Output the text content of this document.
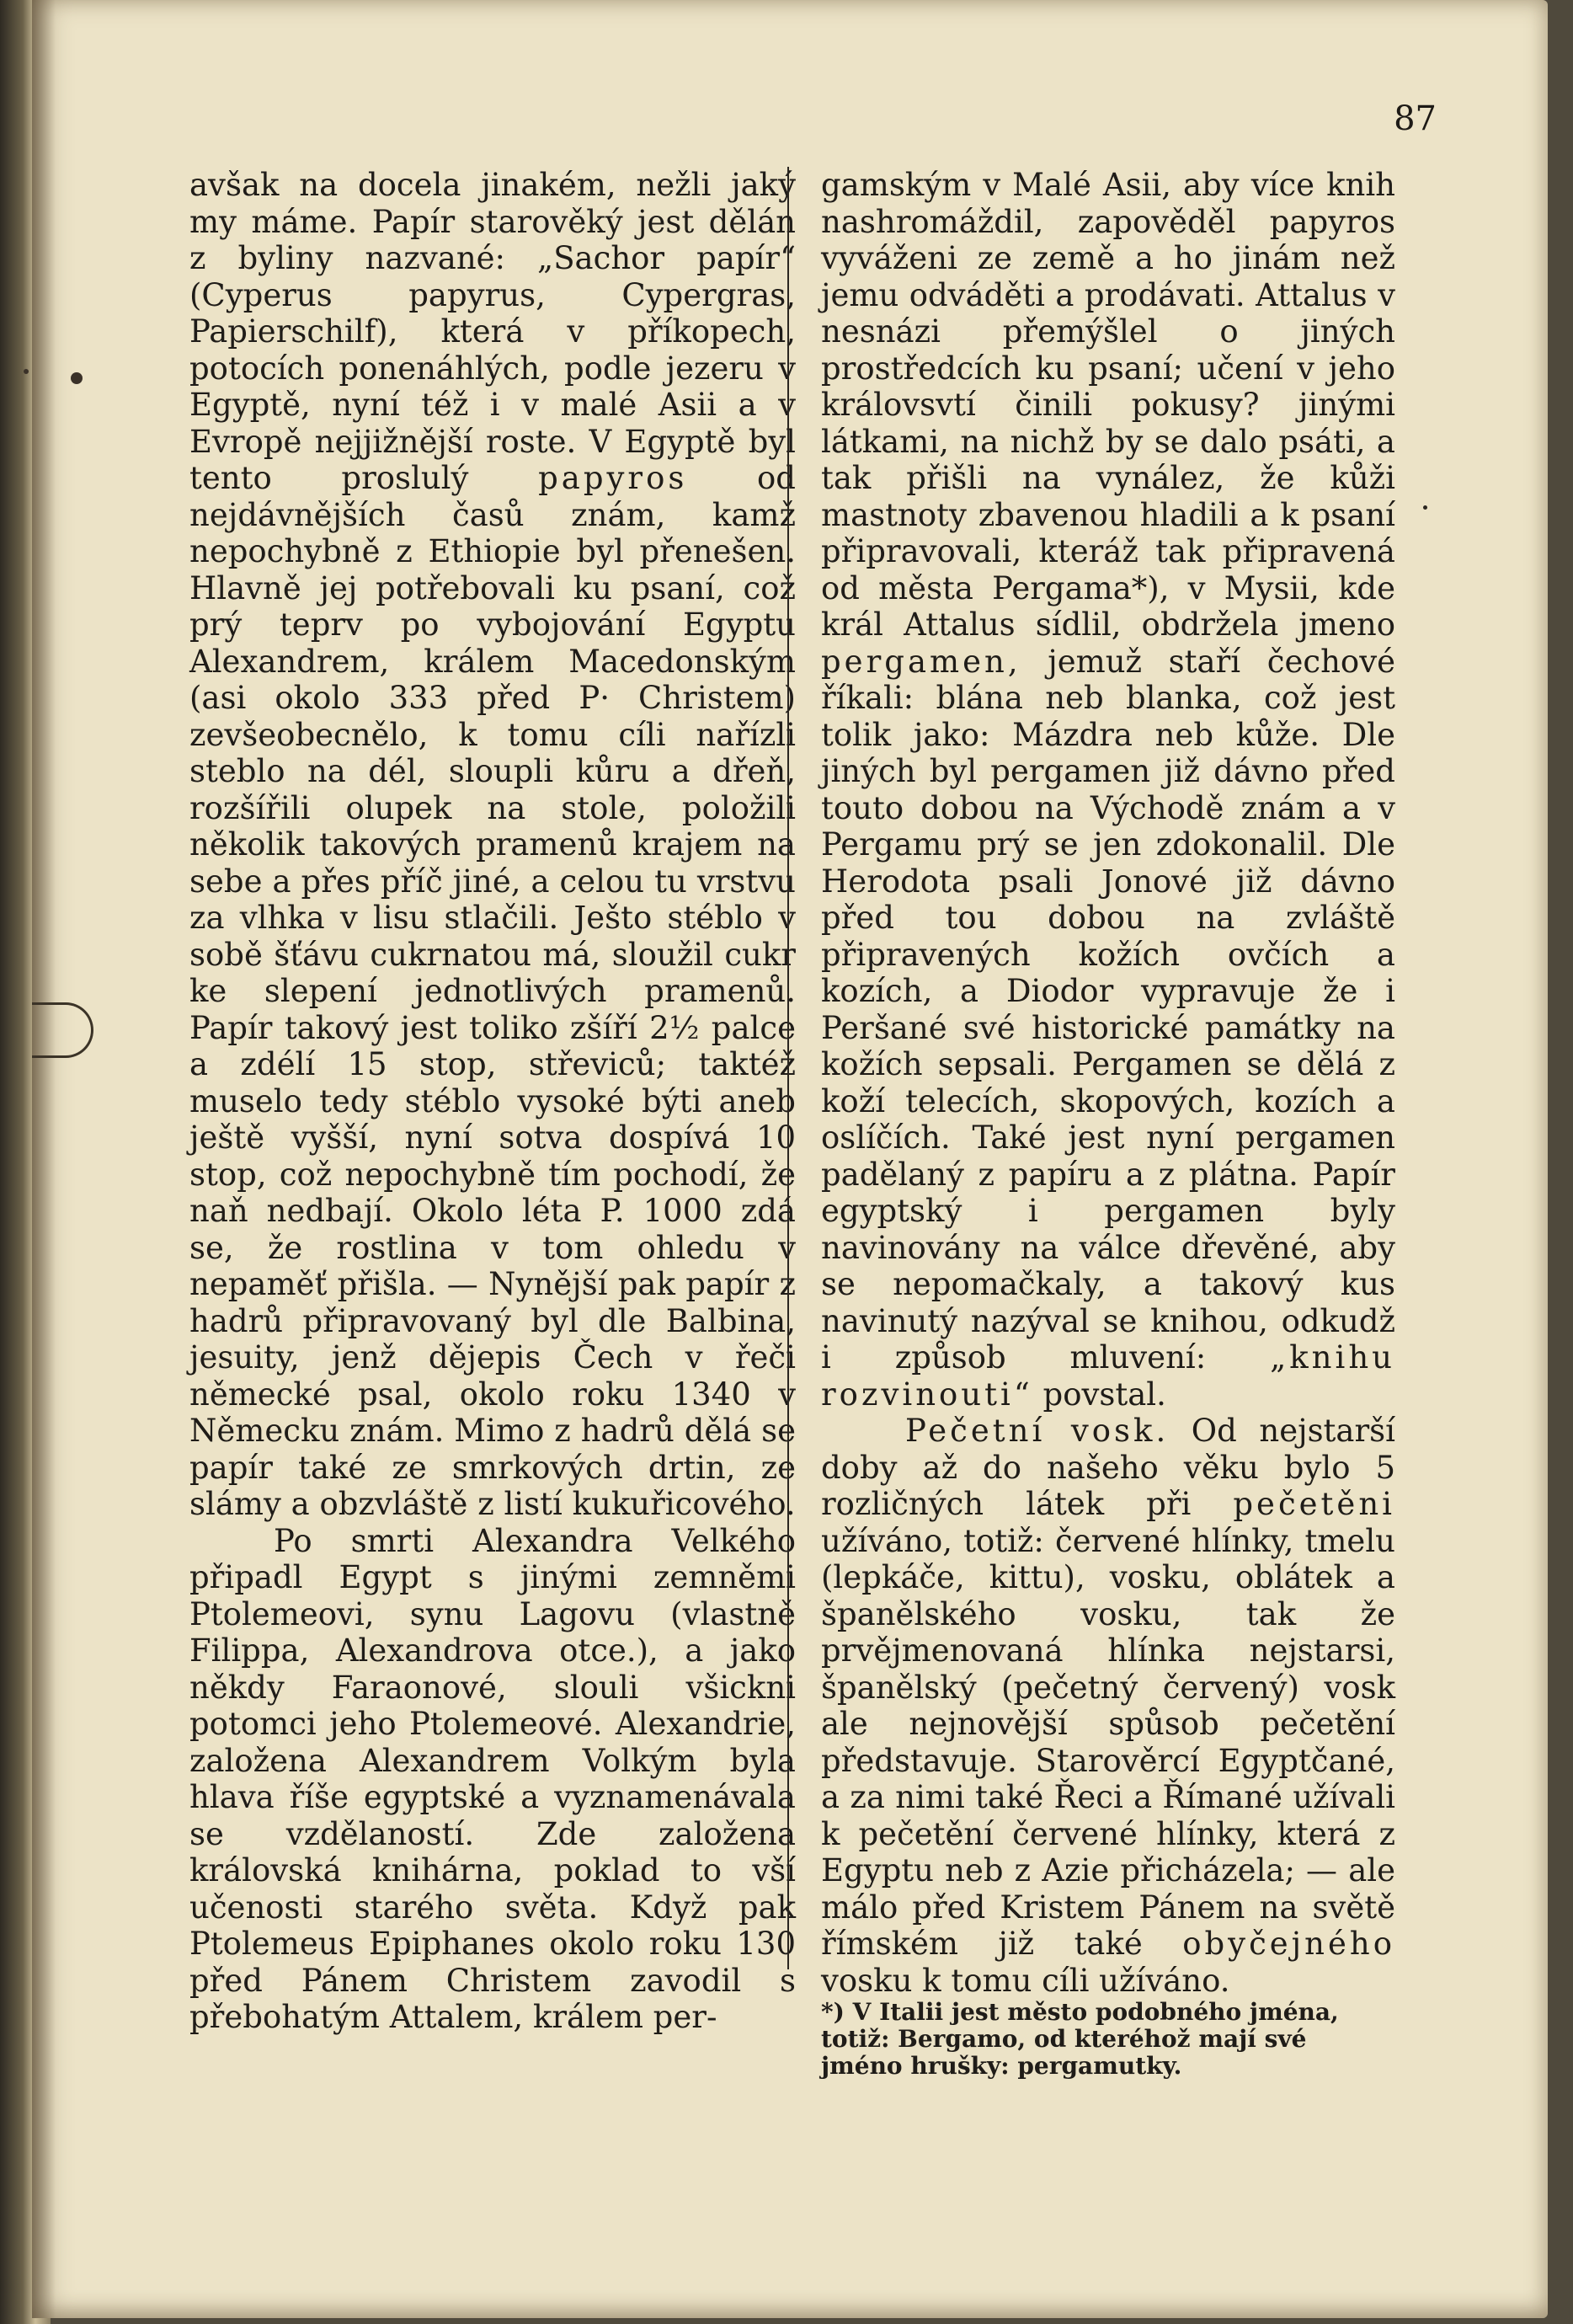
87

avšak na docela jinakém, nežli jaký my máme. Papír starověký jest dělán z byliny nazvané: „Sachor papír“ (Cyperus papyrus, Cypergras, Papierschilf), která v příkopech, potocích ponenáhlých, podle jezeru v Egyptě, nyní též i v malé Asii a v Evropě nejjižnější roste. V Egyptě byl tento proslulý papyros od nejdávnějších časů znám, kamž nepochybně z Ethiopie byl přenešen. Hlavně jej potřebovali ku psaní, což prý teprv po vybojování Egyptu Alexandrem, králem Macedonským (asi okolo 333 před P· Christem) zevšeobecnělo, k tomu cíli nařízli steblo na dél, sloupli kůru a dřeň, rozšířili olupek na stole, položili několik takových pramenů krajem na sebe a přes příč jiné, a celou tu vrstvu za vlhka v lisu stlačili. Ješto stéblo v sobě šťávu cukrnatou má, sloužil cukr ke slepení jednotlivých pramenů. Papír takový jest toliko zšíří 2½ palce a zdélí 15 stop, střeviců; taktéž muselo tedy stéblo vysoké býti aneb ještě vyšší, nyní sotva dospívá 10 stop, což nepochybně tím pochodí, že naň nedbají. Okolo léta P. 1000 zdá se, že rostlina v tom ohledu v nepaměť přišla. — Nynější pak papír z hadrů připravovaný byl dle Balbina, jesuity, jenž dějepis Čech v řeči německé psal, okolo roku 1340 v Německu znám. Mimo z hadrů dělá se papír také ze smrkových drtin, ze slámy a obzvláště z listí kukuřicového.

Po smrti Alexandra Velkého připadl Egypt s jinými zemněmi Ptolemeovi, synu Lagovu (vlastně Filippa, Alexandrova otce.), a jako někdy Faraonové, slouli všickni potomci jeho Ptolemeové. Alexandrie, založena Alexandrem Volkým byla hlava říše egyptské a vyznamenávala se vzdělaností. Zde založena královská knihárna, poklad to vší učenosti starého světa. Když pak Ptolemeus Epiphanes okolo roku 130 před Pánem Christem zavodil s přebohatým Attalem, králem per-

gamským v Malé Asii, aby více knih nashromáždil, zapověděl papyros vyváženi ze země a ho jinám než jemu odváděti a prodávati. Attalus v nesnázi přemýšlel o jiných prostředcích ku psaní; učení v jeho královsvtí činili pokusy? jinými látkami, na nichž by se dalo psáti, a tak přišli na vynález, že kůži mastnoty zbavenou hladili a k psaní připravovali, kteráž tak připravená od města Pergama*), v Mysii, kde král Attalus sídlil, obdržela jmeno pergamen, jemuž staří čechové říkali: blána neb blanka, což jest tolik jako: Mázdra neb kůže. Dle jiných byl pergamen již dávno před touto dobou na Východě znám a v Pergamu prý se jen zdokonalil. Dle Herodota psali Jonové již dávno před tou dobou na zvláště připravených kožích ovčích a kozích, a Diodor vypravuje že i Peršané své historické památky na kožích sepsali. Pergamen se dělá z koží telecích, skopových, kozích a oslíčích. Také jest nyní pergamen padělaný z papíru a z plátna. Papír egyptský i pergamen byly navinovány na válce dřevěné, aby se nepomačkaly, a takový kus navinutý nazýval se knihou, odkudž i způsob mluvení: „knihu rozvinouti“ povstal.

Pečetní vosk. Od nejstarší doby až do našeho věku bylo 5 rozličných látek při pečetěni užíváno, totiž: červené hlínky, tmelu (lepkáče, kittu), vosku, oblátek a španělského vosku, tak že prvějmenovaná hlínka nejstarsi, španělský (pečetný červený) vosk ale nejnovější spůsob pečetění představuje. Starověrcí Egyptčané, a za nimi také Řeci a Římané užívali k pečetění červené hlínky, která z Egyptu neb z Azie přicházela; — ale málo před Kristem Pánem na světě římském již také obyčejného vosku k tomu cíli užíváno.

*) V Italii jest město podobného jména, totiž: Bergamo, od kteréhož mají své jméno hrušky: pergamutky.
